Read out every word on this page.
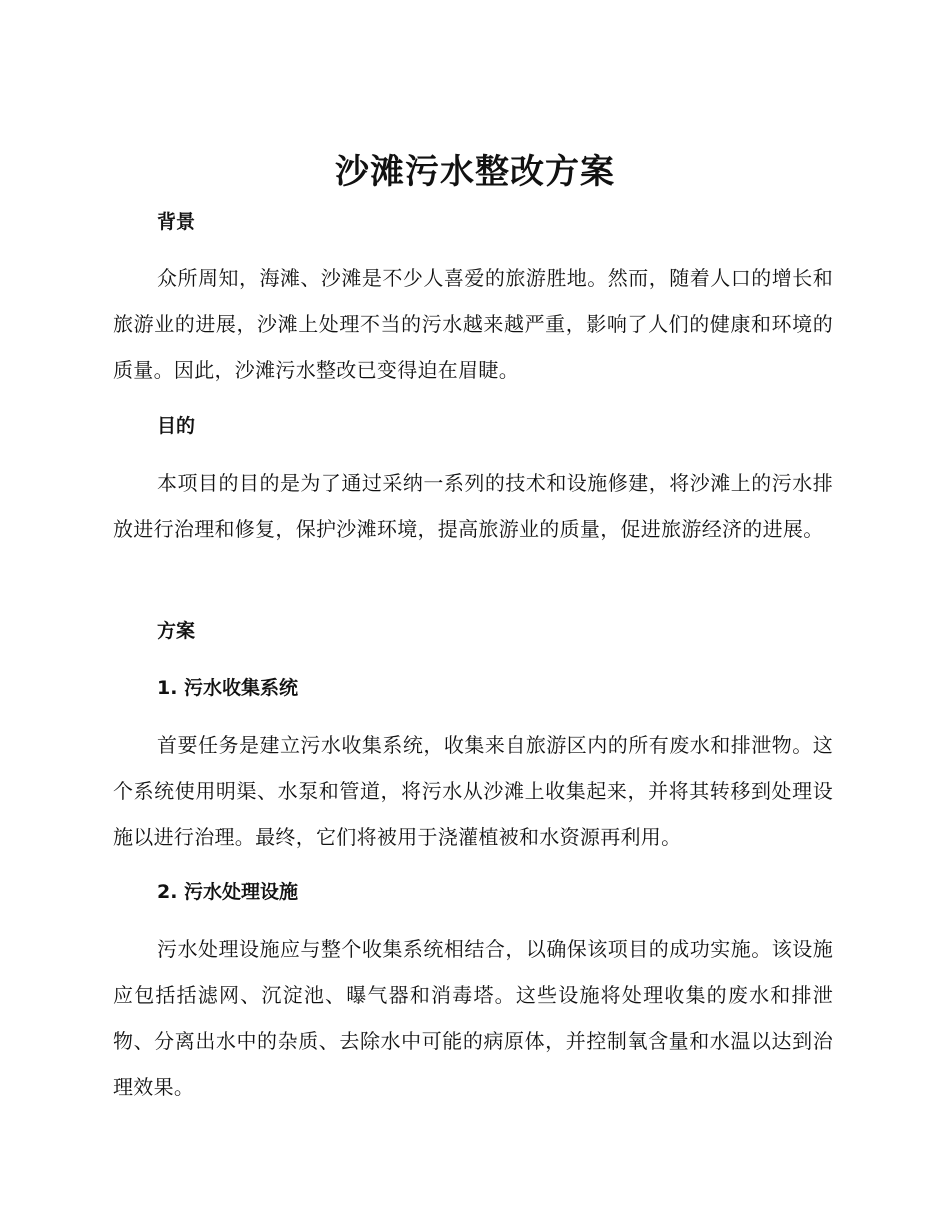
沙滩污水整改方案
背景

众所周知，海滩、沙滩是不少人喜爱的旅游胜地。然而，随着人口的增长和旅游业的进展，沙滩上处理不当的污水越来越严重，影响了人们的健康和环境的质量。因此，沙滩污水整改已变得迫在眉睫。

目的

本项目的目的是为了通过采纳一系列的技术和设施修建，将沙滩上的污水排放进行治理和修复，保护沙滩环境，提高旅游业的质量，促进旅游经济的进展。

方案
1. 污水收集系统

首要任务是建立污水收集系统，收集来自旅游区内的所有废水和排泄物。这个系统使用明渠、水泵和管道，将污水从沙滩上收集起来，并将其转移到处理设施以进行治理。最终，它们将被用于浇灌植被和水资源再利用。

2. 污水处理设施

污水处理设施应与整个收集系统相结合，以确保该项目的成功实施。该设施应包括括滤网、沉淀池、曝气器和消毒塔。这些设施将处理收集的废水和排泄物、分离出水中的杂质、去除水中可能的病原体，并控制氧含量和水温以达到治理效果。
